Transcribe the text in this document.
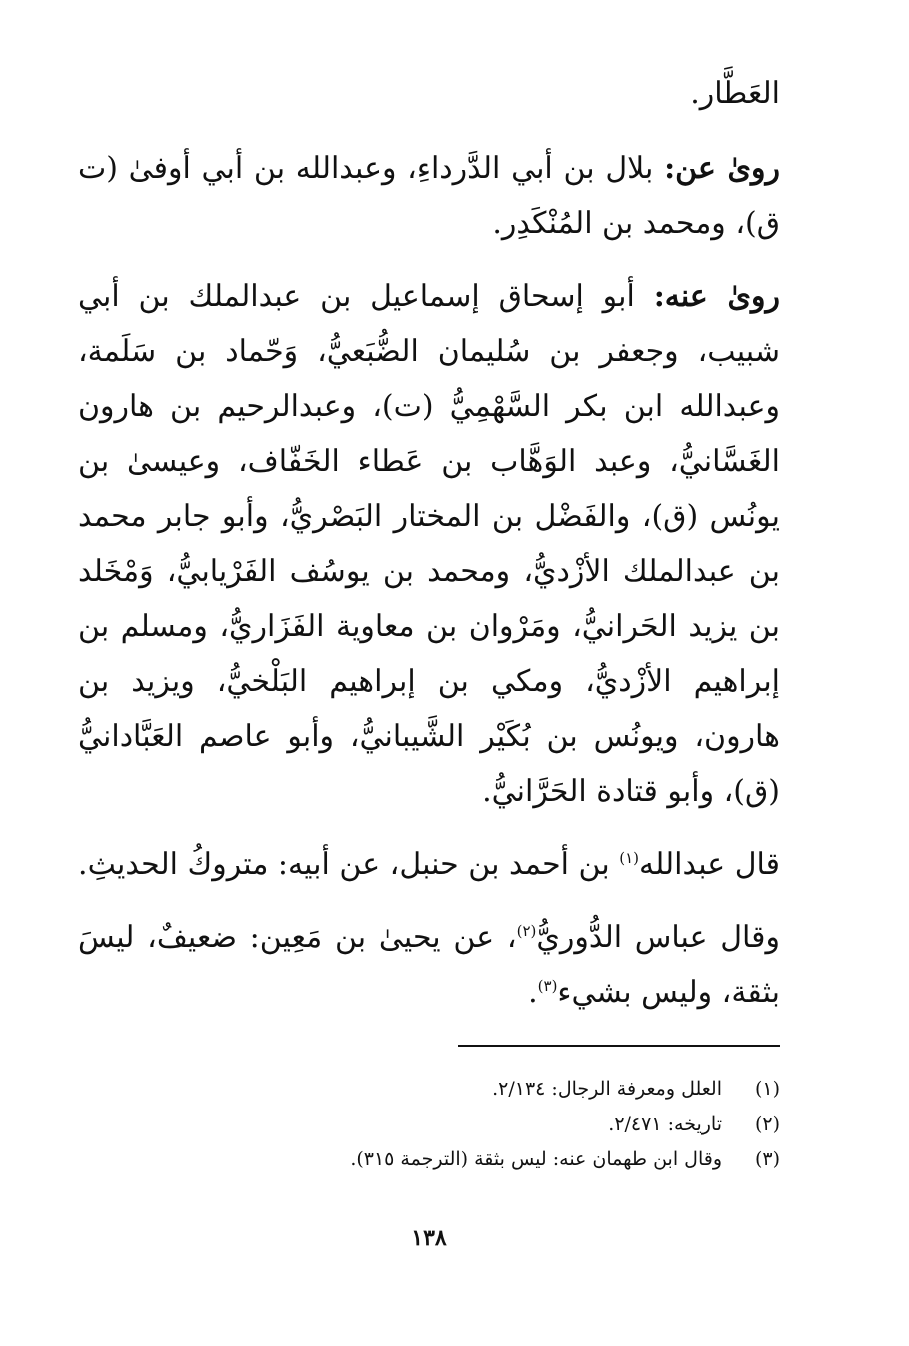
العَطَّار.

روىٰ عن: بلال بن أبي الدَّرداءِ، وعبدالله بن أبي أوفىٰ (ت ق)، ومحمد بن المُنْكَدِر.

روىٰ عنه: أبو إسحاق إسماعيل بن عبدالملك بن أبي شبيب، وجعفر بن سُليمان الضُّبَعيُّ، وَحّماد بن سَلَمة، وعبدالله ابن بكر السَّهْمِيُّ (ت)، وعبدالرحيم بن هارون الغَسَّانيُّ، وعبد الوَهَّاب بن عَطاء الخَفّاف، وعيسىٰ بن يونُس (ق)، والفَضْل بن المختار البَصْريُّ، وأبو جابر محمد بن عبدالملك الأزْديُّ، ومحمد بن يوسُف الفَرْيابيُّ، وَمْخَلد بن يزيد الحَرانيُّ، ومَرْوان بن معاوية الفَزَاريُّ، ومسلم بن إبراهيم الأزْديُّ، ومكي بن إبراهيم البَلْخيُّ، ويزيد بن هارون، ويونُس بن بُكَيْر الشَّيبانيُّ، وأبو عاصم العَبَّادانيُّ (ق)، وأبو قتادة الحَرَّانيُّ.

قال عبدالله$^{(١)}$ بن أحمد بن حنبل، عن أبيه: متروكُ الحديثِ.

وقال عباس الدُّوريُّ$^{(٢)}$، عن يحيىٰ بن مَعِين: ضعيفٌ، ليسَ بثقة، وليس بشيء$^{(٣)}$.

(١)
العلل ومعرفة الرجال: ٢/١٣٤.
(٢)
تاريخه: ٢/٤٧١.
(٣)
وقال ابن طهمان عنه: ليس بثقة (الترجمة ٣١٥).
١٣٨
